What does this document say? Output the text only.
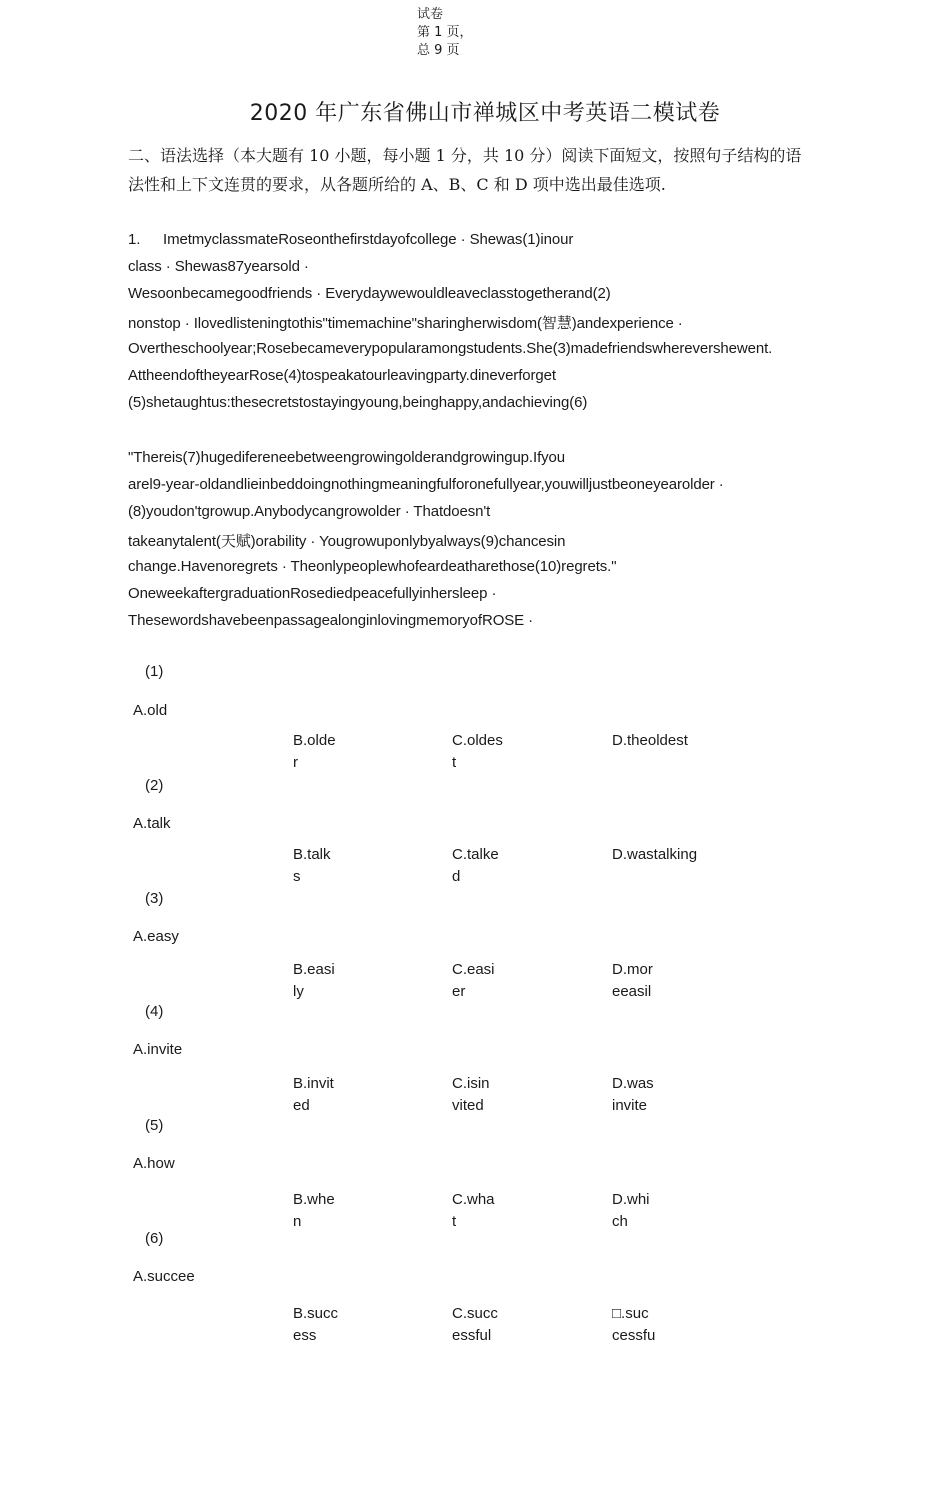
试卷
第 1 页，
总 9 页
2020 年广东省佛山市禅城区中考英语二模试卷
二、语法选择（本大题有 10 小题，每小题 1 分，共 10 分）阅读下面短文，按照句子结构的语
法性和上下文连贯的要求，从各题所给的 A、B、C 和 D 项中选出最佳选项.
1. ImetmyclassmateRoseonthefirstdayofcollege · Shewas(1)inour
class · Shewas87yearsold ·
Wesoonbecamegoodfriends · Everydaywewouldleaveclasstogetherand(2)
nonstop · Ilovedlisteningtothis"timemachine"sharingherwisdom(智慧)andexperience ·
Overtheschoolyear;Rosebecameverypopularamongstudents.She(3)madefriendswherevershewent.
AttheendoftheyearRose(4)tospeakatourleavingparty.dineverforget
(5)shetaughtus:thesecretstostayingyoung,beinghappy,andachieving(6)
"Thereis(7)hugedifereneebetweengrowingolderandgrowingup.Ifyou
arel9-year-oldandlieinbeddoingnothingmeaningfulforonefullyear,youwilljustbeoneyearolder ·
(8)youdon'tgrowup.Anybodycangrowolder · Thatdoesn't
takeanytalent(天赋)orability · Yougrowuponlybyalways(9)chancesin
change.Havenoregrets · Theonlypeoplewhofeardeatharethose(10)regrets."
OneweekaftergraduationRosediedpeacefullyinhersleep ·
ThesewordshavebeenpassagealonginlovingmemoryofROSE ·
(1)
A.old
B.olde
r
C.oldes
t
D.theoldest
(2)
A.talk
B.talk
s
C.talke
d
D.wastalking
(3)
A.easy
B.easi
ly
C.easi
er
D.mor
eeasil
(4)
A.invite
B.invit
ed
C.isin
vited
D.was
invite
(5)
A.how
B.whe
n
C.wha
t
D.whi
ch
(6)
A.succee
B.succ
ess
C.succ
essful
□.suc
cessfu
